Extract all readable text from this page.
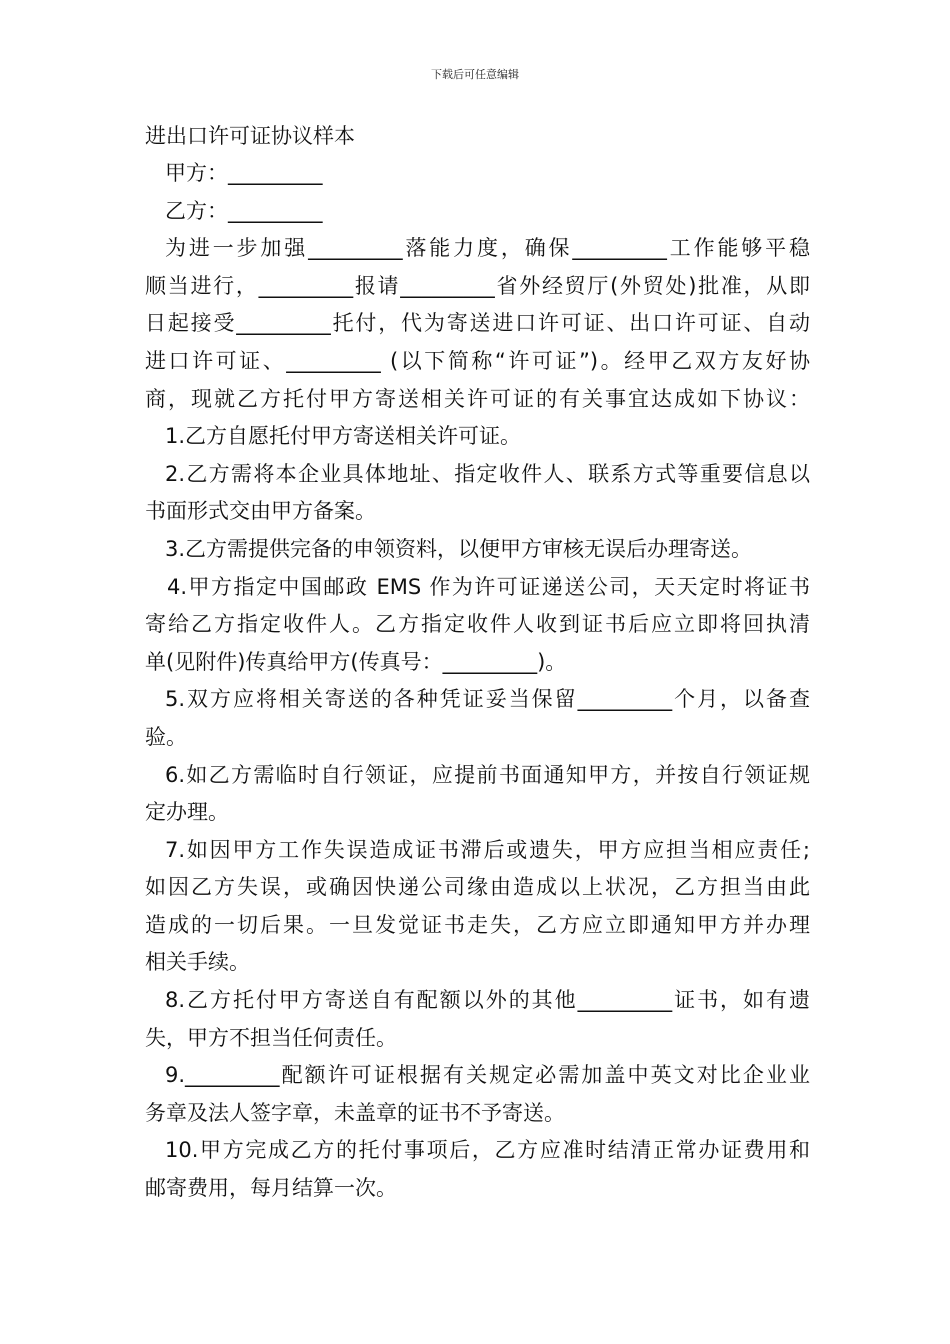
下载后可任意编辑
进出口许可证协议样本
甲方：_________
乙方：_________
为进一步加强_________落能力度，确保_________工作能够平稳
顺当进行，_________报请_________省外经贸厅(外贸处)批准，从即
日起接受_________托付，代为寄送进口许可证、出口许可证、自动
进口许可证、_________ (以下简称“许可证”)。经甲乙双方友好协
商，现就乙方托付甲方寄送相关许可证的有关事宜达成如下协议：
1.乙方自愿托付甲方寄送相关许可证。
2.乙方需将本企业具体地址、指定收件人、联系方式等重要信息以
书面形式交由甲方备案。
3.乙方需提供完备的申领资料，以便甲方审核无误后办理寄送。
4.甲方指定中国邮政 EMS 作为许可证递送公司，天天定时将证书
寄给乙方指定收件人。乙方指定收件人收到证书后应立即将回执清
单(见附件)传真给甲方(传真号：_________)。
5.双方应将相关寄送的各种凭证妥当保留_________个月，以备查
验。
6.如乙方需临时自行领证，应提前书面通知甲方，并按自行领证规
定办理。
7.如因甲方工作失误造成证书滞后或遗失，甲方应担当相应责任;
如因乙方失误，或确因快递公司缘由造成以上状况，乙方担当由此
造成的一切后果。一旦发觉证书走失，乙方应立即通知甲方并办理
相关手续。
8.乙方托付甲方寄送自有配额以外的其他_________证书，如有遗
失，甲方不担当任何责任。
9._________配额许可证根据有关规定必需加盖中英文对比企业业
务章及法人签字章，未盖章的证书不予寄送。
10.甲方完成乙方的托付事项后，乙方应准时结清正常办证费用和
邮寄费用，每月结算一次。
